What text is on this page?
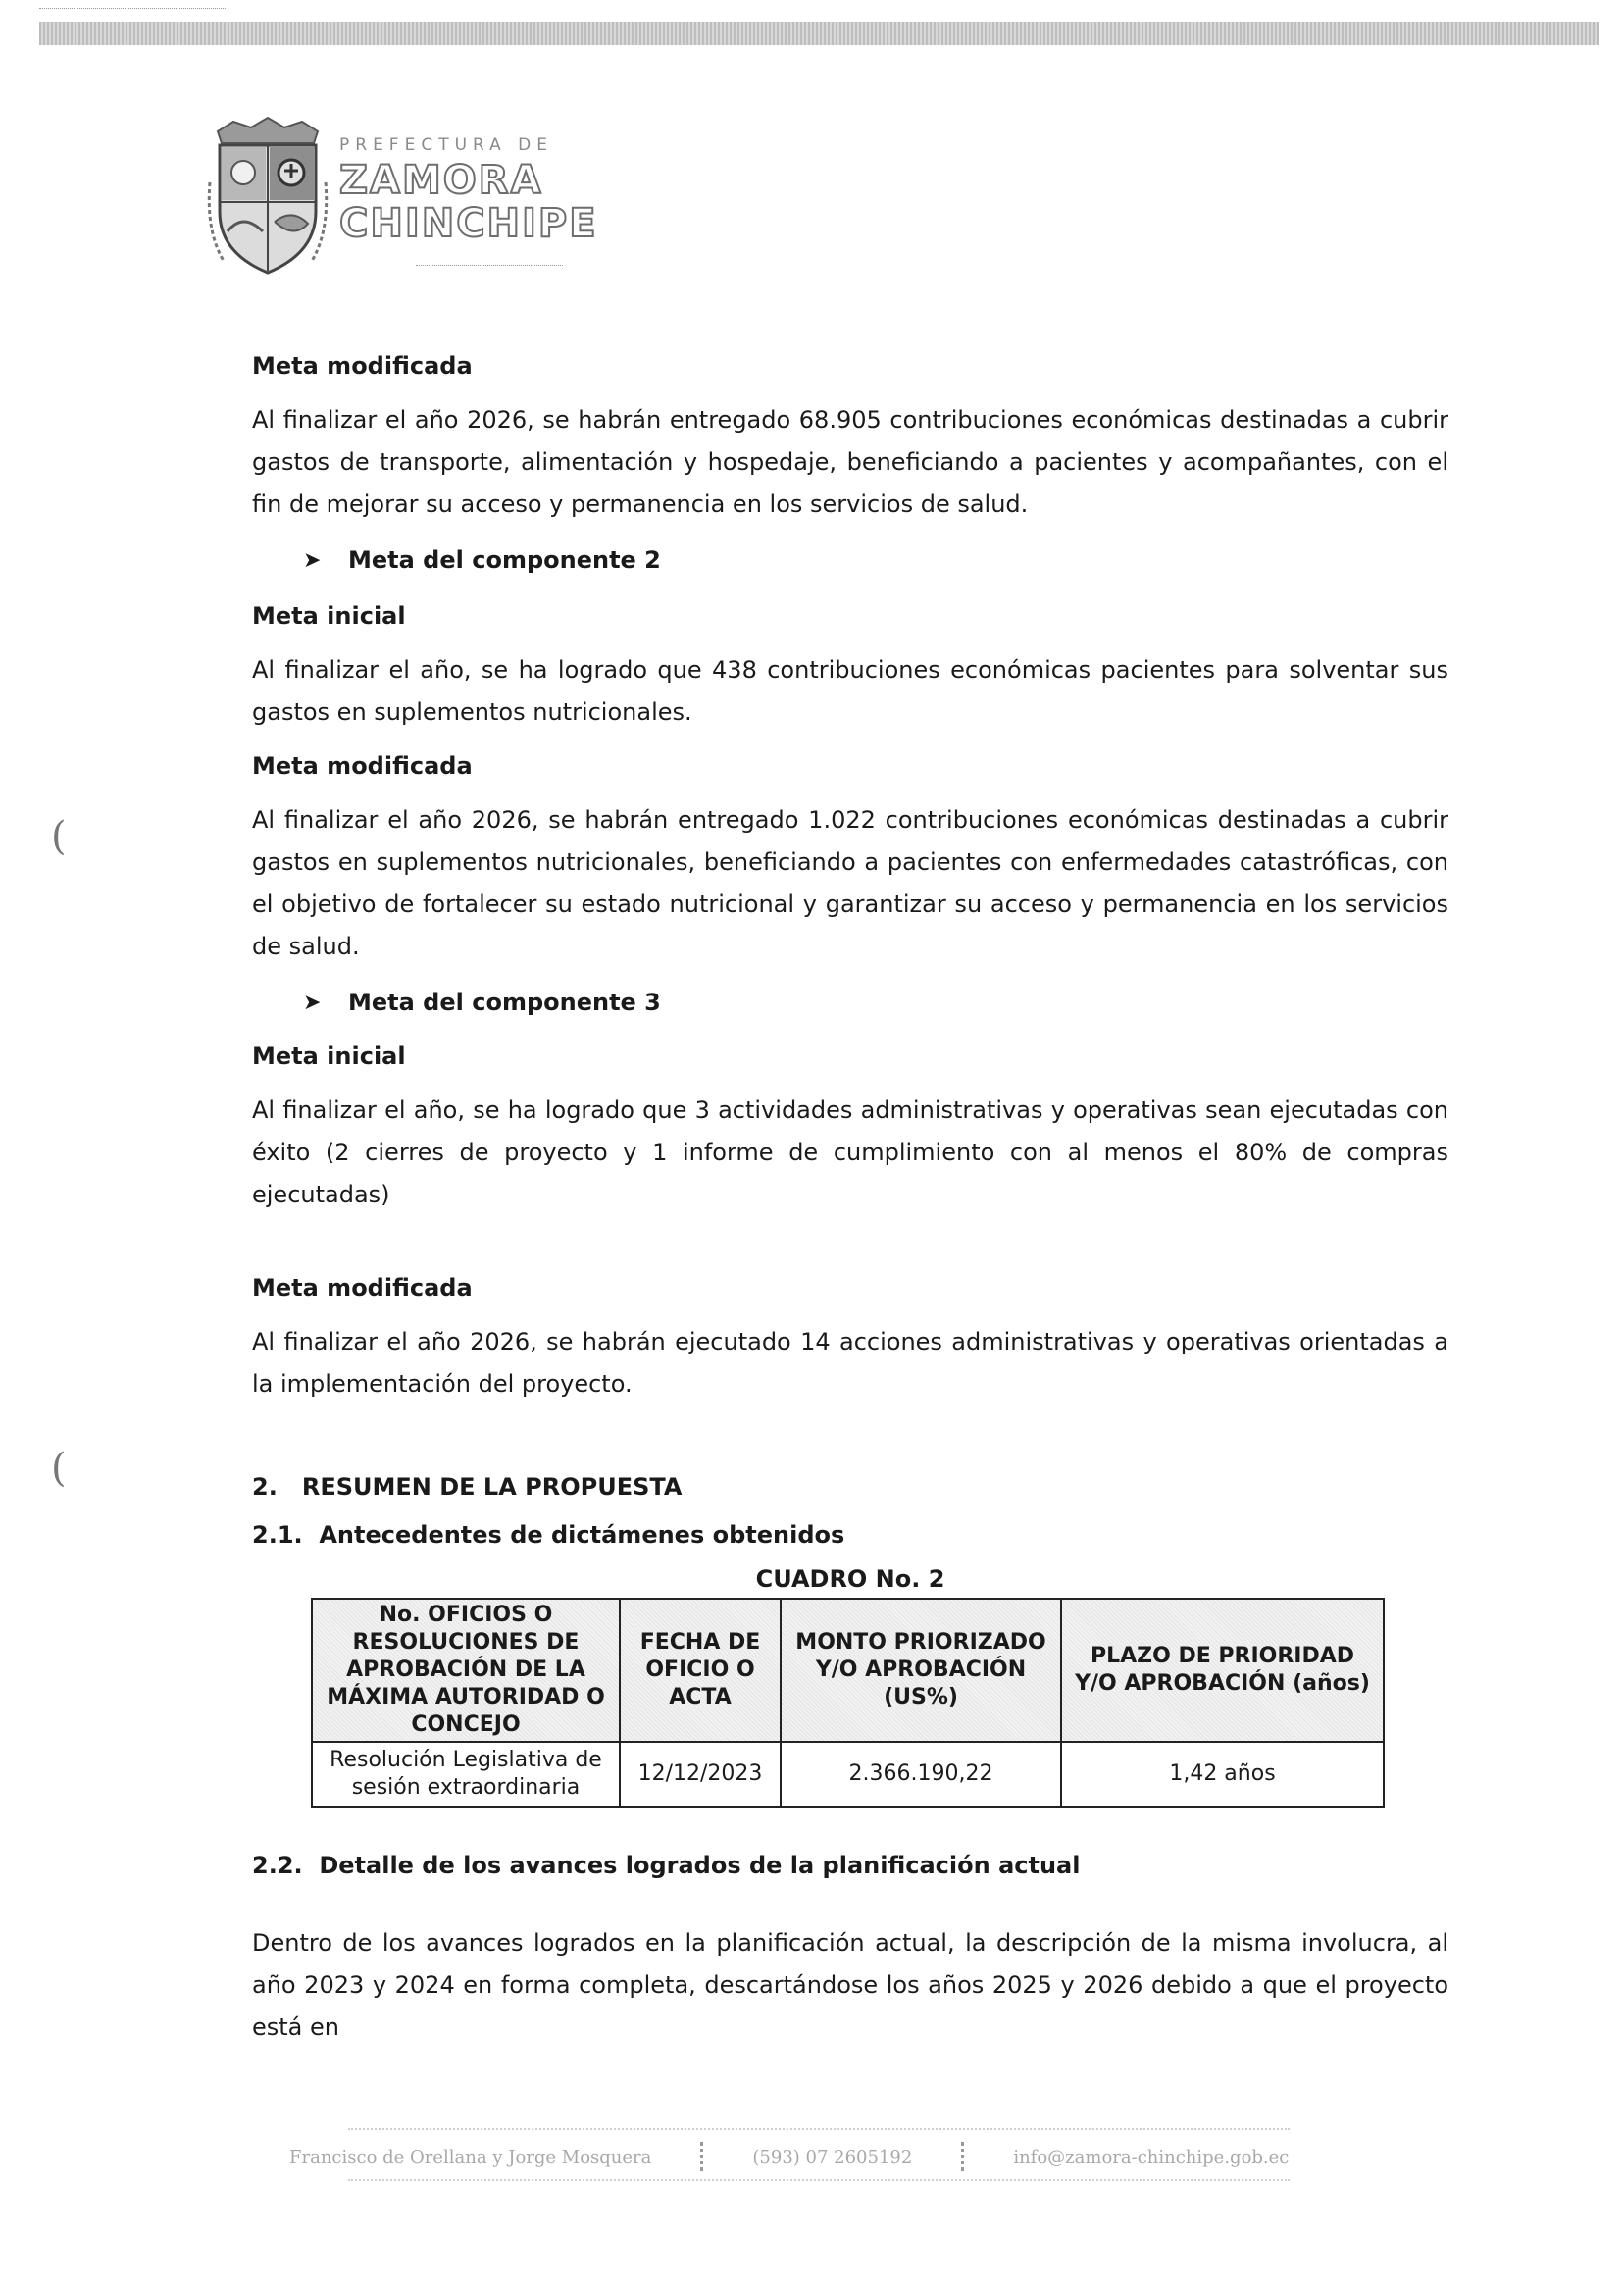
PREFECTURA DE
ZAMORA
CHINCHIPE
(
(
Meta modificada

Al finalizar el año 2026, se habrán entregado 68.905 contribuciones económicas destinadas a cubrir gastos de transporte, alimentación y hospedaje, beneficiando a pacientes y acompañantes, con el fin de mejorar su acceso y permanencia en los servicios de salud.

➤	Meta del componente 2
Meta inicial

Al finalizar el año, se ha logrado que 438 contribuciones económicas pacientes para solventar sus gastos en suplementos nutricionales.

Meta modificada

Al finalizar el año 2026, se habrán entregado 1.022 contribuciones económicas destinadas a cubrir gastos en suplementos nutricionales, beneficiando a pacientes con enfermedades catastróficas, con el objetivo de fortalecer su estado nutricional y garantizar su acceso y permanencia en los servicios de salud.

➤	Meta del componente 3
Meta inicial

Al finalizar el año, se ha logrado que 3 actividades administrativas y operativas sean ejecutadas con éxito (2 cierres de proyecto y 1 informe de cumplimiento con al menos el 80% de compras ejecutadas)

Meta modificada

Al finalizar el año 2026, se habrán ejecutado 14 acciones administrativas y operativas orientadas a la implementación del proyecto.

2.   RESUMEN DE LA PROPUESTA
2.1.  Antecedentes de dictámenes obtenidos
CUADRO No. 2
No. OFICIOS O RESOLUCIONES DE APROBACIÓN DE LA MÁXIMA AUTORIDAD O CONCEJO	FECHA DE OFICIO O ACTA	MONTO PRIORIZADO Y/O APROBACIÓN (US%)	PLAZO DE PRIORIDAD Y/O APROBACIÓN (años)
Resolución Legislativa de sesión extraordinaria	12/12/2023	2.366.190,22	1,42 años
2.2.  Detalle de los avances logrados de la planificación actual

Dentro de los avances logrados en la planificación actual, la descripción de la misma involucra, al año 2023 y 2024 en forma completa, descartándose los años 2025 y 2026 debido a que el proyecto está en

Francisco de Orellana y Jorge Mosquera	(593) 07 2605192	info@zamora-chinchipe.gob.ec
